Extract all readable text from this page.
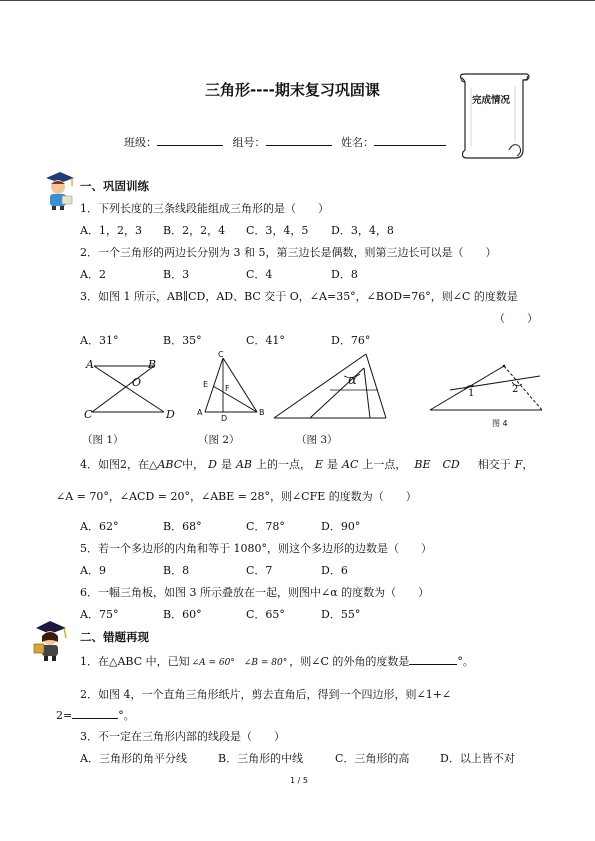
三角形----期末复习巩固课
完成情况
班级：	组号：	姓名：
一、巩固训练
1．下列长度的三条线段能组成三角形的是（　　）
A．1，2，3 B．2，2，4 C．3，4，5 D．3，4，8
2．一个三角形的两边长分别为 3 和 5，第三边长是偶数，则第三边长可以是（　　）
A．2	B．3	C．4	D．8
3．如图 1 所示，AB∥CD，AD、BC 交于 O，∠A=35°，∠BOD=76°，则∠C 的度数是
（　　）
A．31°	B．35°	C．41°	D．76°
A	B
O
C	D
（图 1）
C
E F
A
D
B
（图 2）
α
（图 3）
1	2
图 4
4．如图2，在△ABC中， D 是 AB 上的一点， E 是 AC 上一点， BE CD 相交于 F，
∠A = 70°，∠ACD = 20°，∠ABE = 28°，则∠CFE 的度数为（　　）
A．62°	B．68°	C．78°	D．90°
5．若一个多边形的内角和等于 1080°，则这个多边形的边数是（　　）
A．9	B．8	C．7	D．6
6．一幅三角板，如图 3 所示叠放在一起，则图中∠α 的度数为（　　）
A．75°	B．60°	C．65°	D．55°
二、错题再现
1．在△ABC 中，已知 ∠A = 60°　∠B = 80° ，则∠C 的外角的度数是	°。
2．如图 4，一个直角三角形纸片，剪去直角后，得到一个四边形，则∠1+∠
2=	°。
3．不一定在三角形内部的线段是（　　）
A．三角形的角平分线	B．三角形的中线	C．三角形的高	D．以上皆不对
1 / 5
